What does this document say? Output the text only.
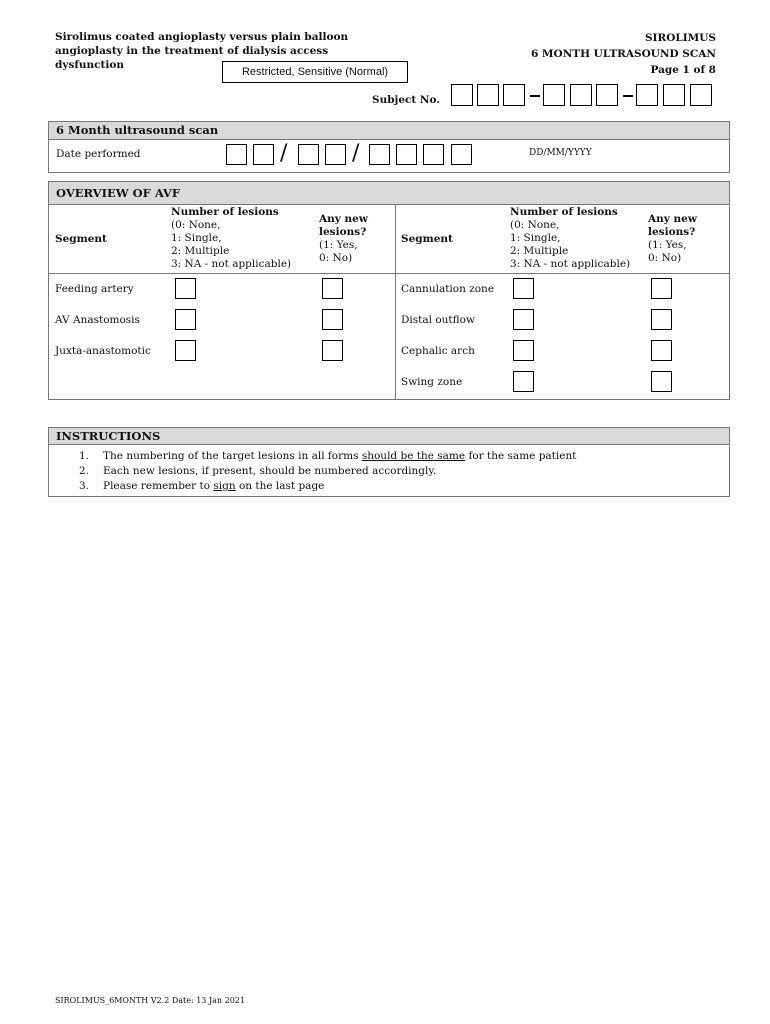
Sirolimus coated angioplasty versus plain balloon angioplasty in the treatment of dialysis access dysfunction
SIROLIMUS
6 MONTH ULTRASOUND SCAN
Page 1 of 8
Restricted, Sensitive (Normal)
Subject No.
6 Month ultrasound scan
Date performed	DD/MM/YYYY
/	/
OVERVIEW OF AVF
Segment
Number of lesions
(0: None,
1: Single,
2: Multiple
3: NA - not applicable)
Any new
lesions?
(1: Yes,
0: No)
Segment
Number of lesions
(0: None,
1: Single,
2: Multiple
3: NA - not applicable)
Any new
lesions?
(1: Yes,
0: No)
Feeding artery
AV Anastomosis
Juxta-anastomotic
Cannulation zone
Distal outflow
Cephalic arch
Swing zone
INSTRUCTIONS
1. The numbering of the target lesions in all forms should be the same for the same patient
2. Each new lesions, if present, should be numbered accordingly.
3. Please remember to sign on the last page
SIROLIMUS_6MONTH V2.2 Date: 13 Jan 2021
